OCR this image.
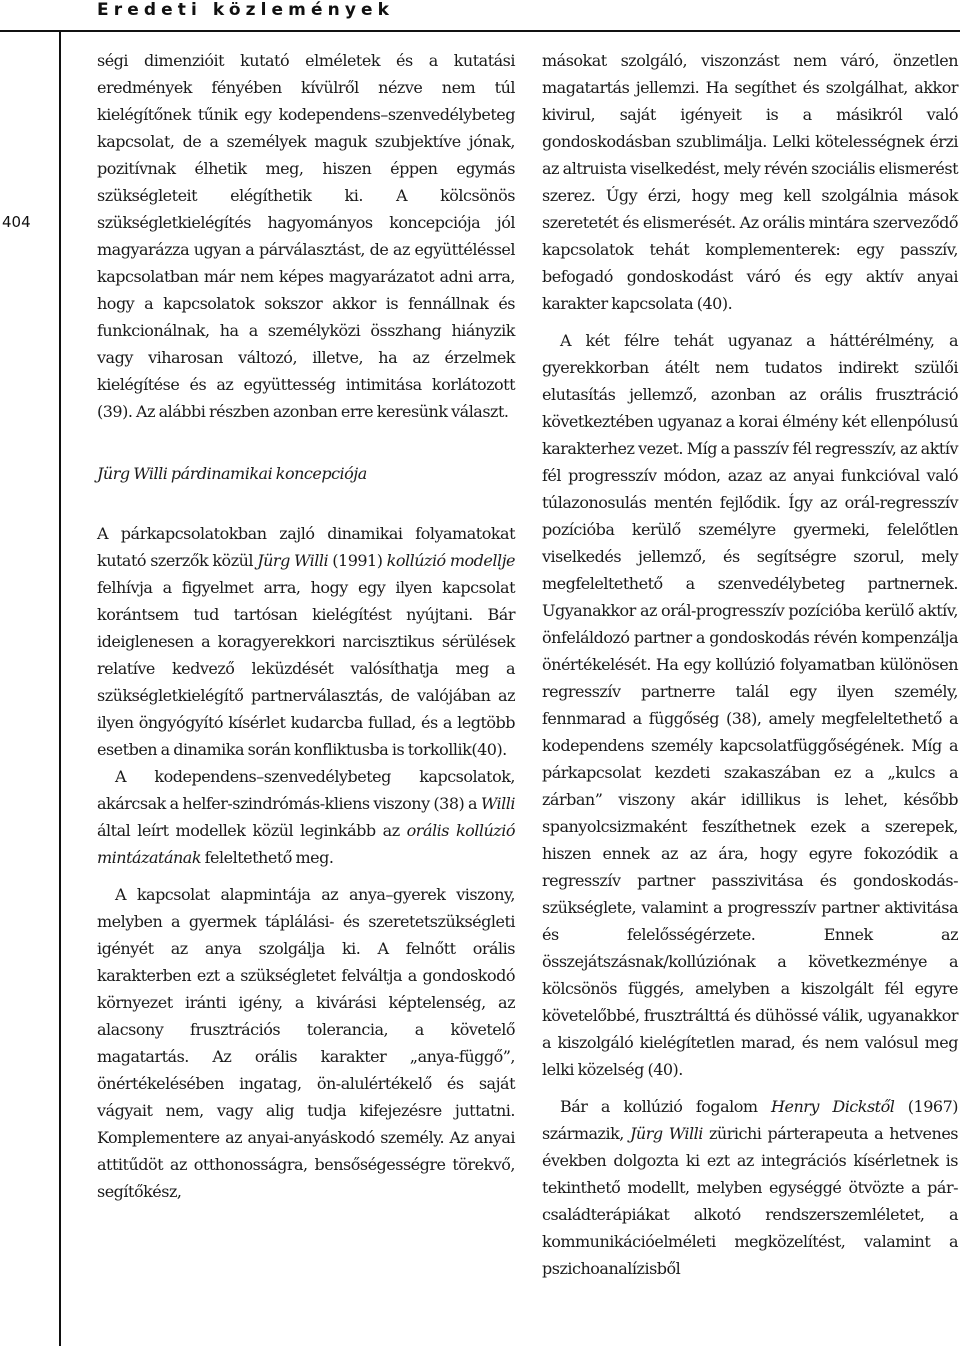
Eredeti közlemények
404

ségi dimenzióit kutató elméletek és a kutatási eredmények fényében kívülről nézve nem túl kielégítőnek tűnik egy kodependens–szenvedélybeteg kapcsolat, de a személyek maguk szubjektíve jónak, pozitívnak élhetik meg, hiszen éppen egymás szükségleteit elégíthetik ki. A kölcsönös szükségletkielégítés hagyományos koncepciója jól magyarázza ugyan a párválasztást, de az együttéléssel kapcsolatban már nem képes magyarázatot adni arra, hogy a kapcsolatok sokszor akkor is fennállnak és funkcionálnak, ha a személyközi összhang hiányzik vagy viharosan változó, illetve, ha az érzelmek kielégítése és az együttesség intimitása korlátozott (39). Az alábbi részben azonban erre keresünk választ.

Jürg Willi párdinamikai koncepciója

A párkapcsolatokban zajló dinamikai folyamatokat kutató szerzők közül Jürg Willi (1991) kollúzió modellje felhívja a figyelmet arra, hogy egy ilyen kapcsolat korántsem tud tartósan kielégítést nyújtani. Bár ideiglenesen a koragyerekkori narcisztikus sérülések relatíve kedvező leküzdését valósíthatja meg a szükségletkielégítő partnerválasztás, de valójában az ilyen öngyógyító kísérlet kudarcba fullad, és a legtöbb esetben a dinamika során konfliktusba is torkollik(40).

A kodependens–szenvedélybeteg kapcsolatok, akárcsak a helfer-szindrómás-kliens viszony (38) a Willi által leírt modellek közül leginkább az orális kollúzió mintázatának feleltethető meg.

A kapcsolat alapmintája az anya–gyerek viszony, melyben a gyermek táplálási- és szeretetszükségleti igényét az anya szolgálja ki. A felnőtt orális karakterben ezt a szükségletet felváltja a gondoskodó környezet iránti igény, a kivárási képtelenség, az alacsony frusztrációs tolerancia, a követelő magatartás. Az orális karakter „anya-függő”, önértékelésében ingatag, ön-alulértékelő és saját vágyait nem, vagy alig tudja kifejezésre juttatni. Komplementere az anyai-anyáskodó személy. Az anyai attitűdöt az otthonosságra, bensőségességre törekvő, segítőkész,

másokat szolgáló, viszonzást nem váró, önzetlen magatartás jellemzi. Ha segíthet és szolgálhat, akkor kivirul, saját igényeit is a másikról való gondoskodásban szublimálja. Lelki kötelességnek érzi az altruista viselkedést, mely révén szociális elismerést szerez. Úgy érzi, hogy meg kell szolgálnia mások szeretetét és elismerését. Az orális mintára szerveződő kapcsolatok tehát komplementerek: egy passzív, befogadó gondoskodást váró és egy aktív anyai karakter kapcsolata (40).

A két félre tehát ugyanaz a háttérélmény, a gyerekkorban átélt nem tudatos indirekt szülői elutasítás jellemző, azonban az orális frusztráció következtében ugyanaz a korai élmény két ellenpólusú karakterhez vezet. Míg a passzív fél regresszív, az aktív fél progresszív módon, azaz az anyai funkcióval való túlazonosulás mentén fejlődik. Így az orál-regresszív pozícióba kerülő személyre gyermeki, felelőtlen viselkedés jellemző, és segítségre szorul, mely megfeleltethető a szenvedélybeteg partnernek. Ugyanakkor az orál-progresszív pozícióba kerülő aktív, önfeláldozó partner a gondoskodás révén kompenzálja önértékelését. Ha egy kollúzió folyamatban különösen regresszív partnerre talál egy ilyen személy, fennmarad a függőség (38), amely megfeleltethető a kodependens személy kapcsolatfüggőségének. Míg a párkapcsolat kezdeti szakaszában ez a „kulcs a zárban” viszony akár idillikus is lehet, később spanyolcsizmaként feszíthetnek ezek a szerepek, hiszen ennek az az ára, hogy egyre fokozódik a regresszív partner passzivitása és gondoskodás-szükséglete, valamint a progresszív partner aktivitása és felelősségérzete. Ennek az összejátszásnak/kollúziónak a következménye a kölcsönös függés, amelyben a kiszolgált fél egyre követelőbbé, frusztrálttá és dühössé válik, ugyanakkor a kiszolgáló kielégítetlen marad, és nem valósul meg lelki közelség (40).

Bár a kollúzió fogalom Henry Dickstől (1967) származik, Jürg Willi zürichi párterapeuta a hetvenes években dolgozta ki ezt az integrációs kísérletnek is tekinthető modellt, melyben egységgé ötvözte a pár-családterápiákat alkotó rendszerszemléletet, a kommunikációelméleti megközelítést, valamint a pszichoanalízisből
